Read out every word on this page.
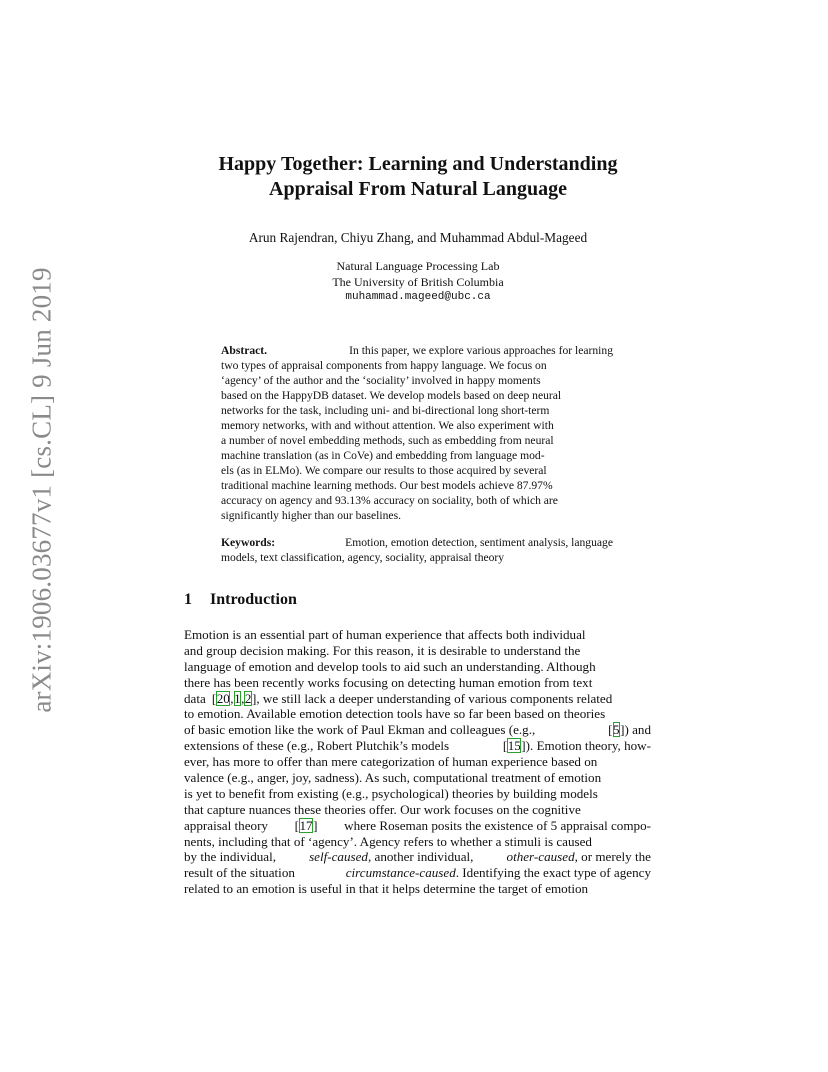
arXiv:1906.03677v1 [cs.CL] 9 Jun 2019
Happy Together: Learning and Understanding
Appraisal From Natural Language
Arun Rajendran, Chiyu Zhang, and Muhammad Abdul-Mageed
Natural Language Processing Lab
The University of British Columbia
muhammad.mageed@ubc.ca
Abstract.	In this paper, we explore various approaches for learning
two types of appraisal components from happy language. We focus on
‘agency’ of the author and the ‘sociality’ involved in happy moments
based on the HappyDB dataset. We develop models based on deep neural
networks for the task, including uni- and bi-directional long short-term
memory networks, with and without attention. We also experiment with
a number of novel embedding methods, such as embedding from neural
machine translation (as in CoVe) and embedding from language mod-
els (as in ELMo). We compare our results to those acquired by several
traditional machine learning methods. Our best models achieve 87.97%
accuracy on agency and 93.13% accuracy on sociality, both of which are
significantly higher than our baselines.
Keywords:	Emotion, emotion detection, sentiment analysis, language
models, text classification, agency, sociality, appraisal theory
1 Introduction
Emotion is an essential part of human experience that affects both individual
and group decision making. For this reason, it is desirable to understand the
language of emotion and develop tools to aid such an understanding. Although
there has been recently works focusing on detecting human emotion from text
data [20,1,2], we still lack a deeper understanding of various components related
to emotion. Available emotion detection tools have so far been based on theories
of basic emotion like the work of Paul Ekman and colleagues (e.g.,	[5]) and
extensions of these (e.g., Robert Plutchik’s models	[15]). Emotion theory, how-
ever, has more to offer than mere categorization of human experience based on
valence (e.g., anger, joy, sadness). As such, computational treatment of emotion
is yet to benefit from existing (e.g., psychological) theories by building models
that capture nuances these theories offer. Our work focuses on the cognitive
appraisal theory [17] where Roseman posits the existence of 5 appraisal compo-
nents, including that of ‘agency’. Agency refers to whether a stimuli is caused
by the individual,	self-caused, another individual,	other-caused, or merely the
result of the situation	circumstance-caused. Identifying the exact type of agency
related to an emotion is useful in that it helps determine the target of emotion
